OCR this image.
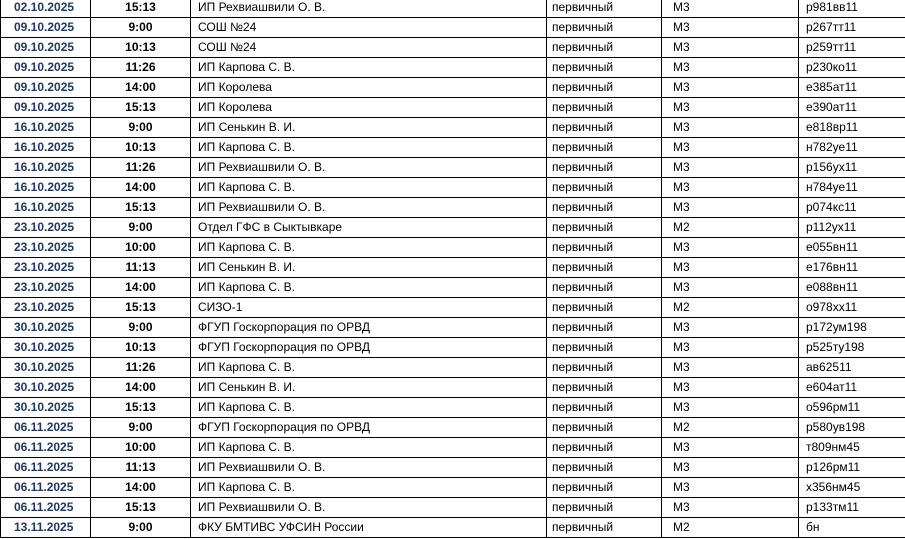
02.10.2025	15:13	ИП Рехвиашвили О. В.	первичный	М3	р981вв11
09.10.2025	9:00	СОШ №24	первичный	М3	р267тт11
09.10.2025	10:13	СОШ №24	первичный	М3	р259тт11
09.10.2025	11:26	ИП Карпова С. В.	первичный	М3	р230ко11
09.10.2025	14:00	ИП Королева	первичный	М3	е385ат11
09.10.2025	15:13	ИП Королева	первичный	М3	е390ат11
16.10.2025	9:00	ИП Сенькин В. И.	первичный	М3	е818вр11
16.10.2025	10:13	ИП Карпова С. В.	первичный	М3	н782уе11
16.10.2025	11:26	ИП Рехвиашвили О. В.	первичный	М3	р156ух11
16.10.2025	14:00	ИП Карпова С. В.	первичный	М3	н784уе11
16.10.2025	15:13	ИП Рехвиашвили О. В.	первичный	М3	р074кс11
23.10.2025	9:00	Отдел ГФС в Сыктывкаре	первичный	М2	р112ух11
23.10.2025	10:00	ИП Карпова С. В.	первичный	М3	е055вн11
23.10.2025	11:13	ИП Сенькин В. И.	первичный	М3	е176вн11
23.10.2025	14:00	ИП Карпова С. В.	первичный	М3	е088вн11
23.10.2025	15:13	СИЗО-1	первичный	М2	о978хх11
30.10.2025	9:00	ФГУП Госкорпорация по ОРВД	первичный	М3	р172ум198
30.10.2025	10:13	ФГУП Госкорпорация по ОРВД	первичный	М3	р525ту198
30.10.2025	11:26	ИП Карпова С. В.	первичный	М3	ав62511
30.10.2025	14:00	ИП Сенькин В. И.	первичный	М3	е604ат11
30.10.2025	15:13	ИП Карпова С. В.	первичный	М3	о596рм11
06.11.2025	9:00	ФГУП Госкорпорация по ОРВД	первичный	М2	р580ув198
06.11.2025	10:00	ИП Карпова С. В.	первичный	М3	т809нм45
06.11.2025	11:13	ИП Рехвиашвили О. В.	первичный	М3	р126рм11
06.11.2025	14:00	ИП Карпова С. В.	первичный	М3	х356нм45
06.11.2025	15:13	ИП Рехвиашвили О. В.	первичный	М3	р133тм11
13.11.2025	9:00	ФКУ БМТИВС УФСИН России	первичный	М2	бн
